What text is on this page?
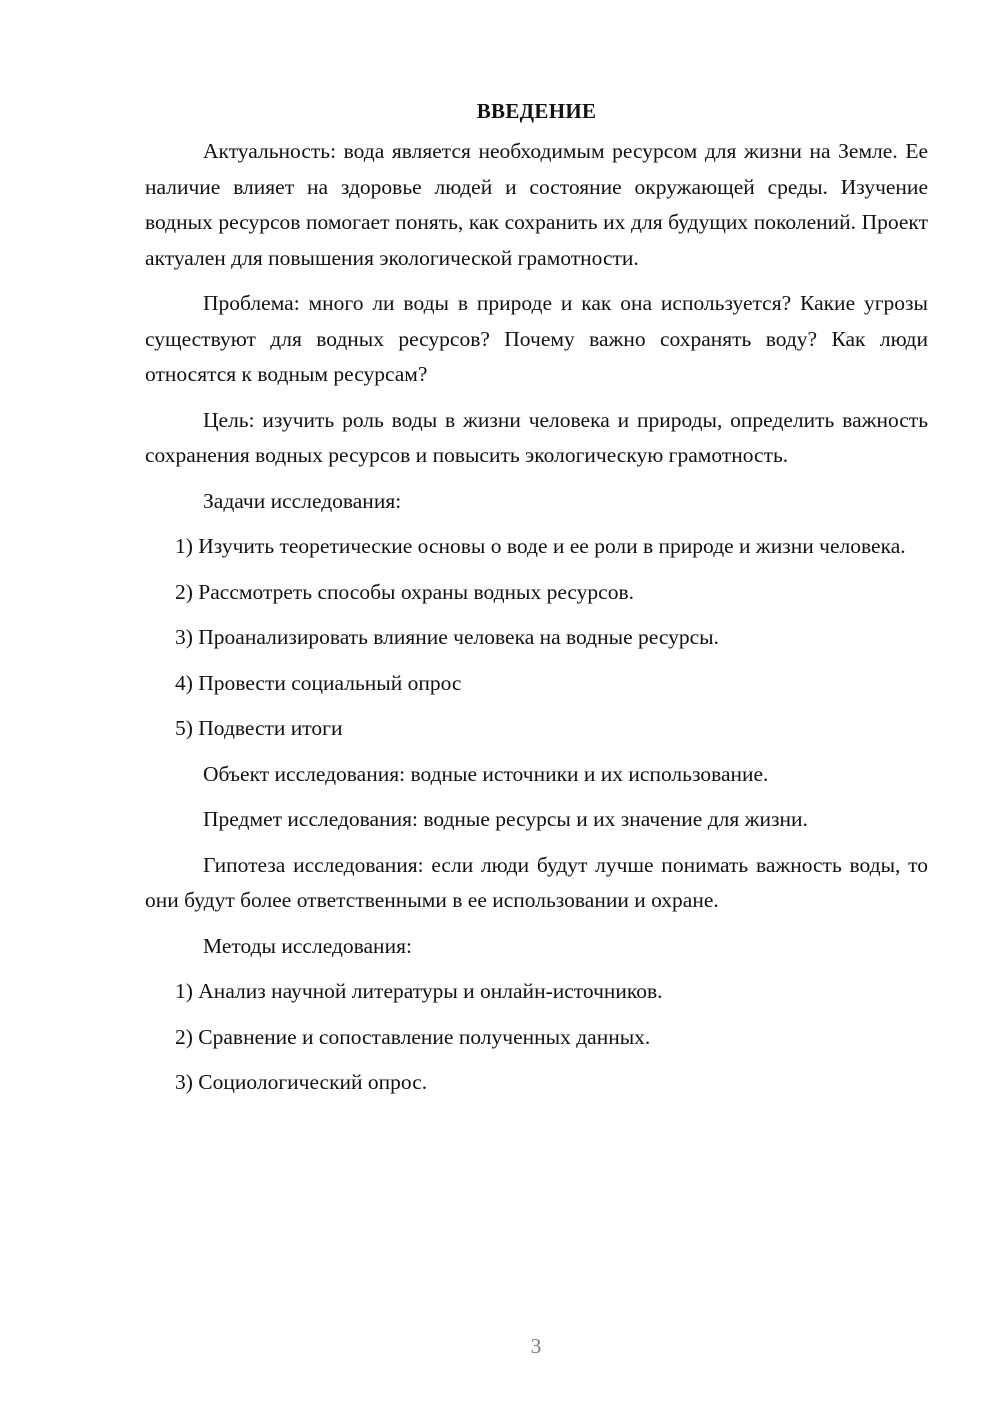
ВВЕДЕНИЕ

Актуальность: вода является необходимым ресурсом для жизни на Земле. Ее наличие влияет на здоровье людей и состояние окружающей среды. Изучение водных ресурсов помогает понять, как сохранить их для будущих поколений. Проект актуален для повышения экологической грамотности.

Проблема: много ли воды в природе и как она используется? Какие угрозы существуют для водных ресурсов? Почему важно сохранять воду? Как люди относятся к водным ресурсам?

Цель: изучить роль воды в жизни человека и природы, определить важность сохранения водных ресурсов и повысить экологическую грамотность.

Задачи исследования:

1) Изучить теоретические основы о воде и ее роли в природе и жизни человека.

2) Рассмотреть способы охраны водных ресурсов.

3) Проанализировать влияние человека на водные ресурсы.

4) Провести социальный опрос

5) Подвести итоги

Объект исследования: водные источники и их использование.

Предмет исследования: водные ресурсы и их значение для жизни.

Гипотеза исследования: если люди будут лучше понимать важность воды, то они будут более ответственными в ее использовании и охране.

Методы исследования:

1) Анализ научной литературы и онлайн-источников.

2) Сравнение и сопоставление полученных данных.

3) Социологический опрос.

3
